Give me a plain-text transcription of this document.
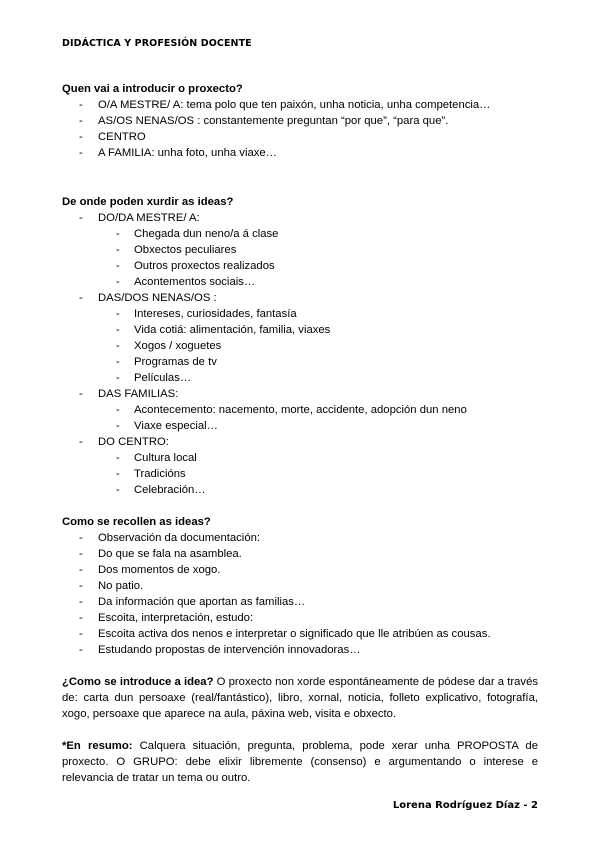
DIDÁCTICA Y PROFESIÓN DOCENTE
Quen vai a introducir o proxecto?
- O/A MESTRE/ A: tema polo que ten paixón, unha noticia, unha competencia…
- AS/OS NENAS/OS : constantemente preguntan “por que”, “para que”.
- CENTRO
- A FAMILIA: unha foto, unha viaxe…
De onde poden xurdir as ideas?
- DO/DA MESTRE/ A:
- Chegada dun neno/a á clase
- Obxectos peculiares
- Outros proxectos realizados
- Acontementos sociais…
- DAS/DOS NENAS/OS :
- Intereses, curiosidades, fantasía
- Vida cotiá: alimentación, familia, viaxes
- Xogos / xoguetes
- Programas de tv
- Películas…
- DAS FAMILIAS:
- Acontecemento: nacemento, morte, accidente, adopción dun neno
- Viaxe especial…
- DO CENTRO:
- Cultura local
- Tradicións
- Celebración…
Como se recollen as ideas?
- Observación da documentación:
- Do que se fala na asamblea.
- Dos momentos de xogo.
- No patio.
- Da información que aportan as familias…
- Escoita, interpretación, estudo:
- Escoita activa dos nenos e interpretar o significado que lle atribúen as cousas.
- Estudando propostas de intervención innovadoras…

¿Como se introduce a idea? O proxecto non xorde espontáneamente de pódese dar a través de: carta dun persoaxe (real/fantástico), libro, xornal, noticia, folleto explicativo, fotografía, xogo, persoaxe que aparece na aula, páxina web, visita e obxecto.

*En resumo: Calquera situación, pregunta, problema, pode xerar unha PROPOSTA de proxecto. O GRUPO: debe elixir libremente (consenso) e argumentando o interese e relevancia de tratar un tema ou outro.

Lorena Rodríguez Díaz - 2
